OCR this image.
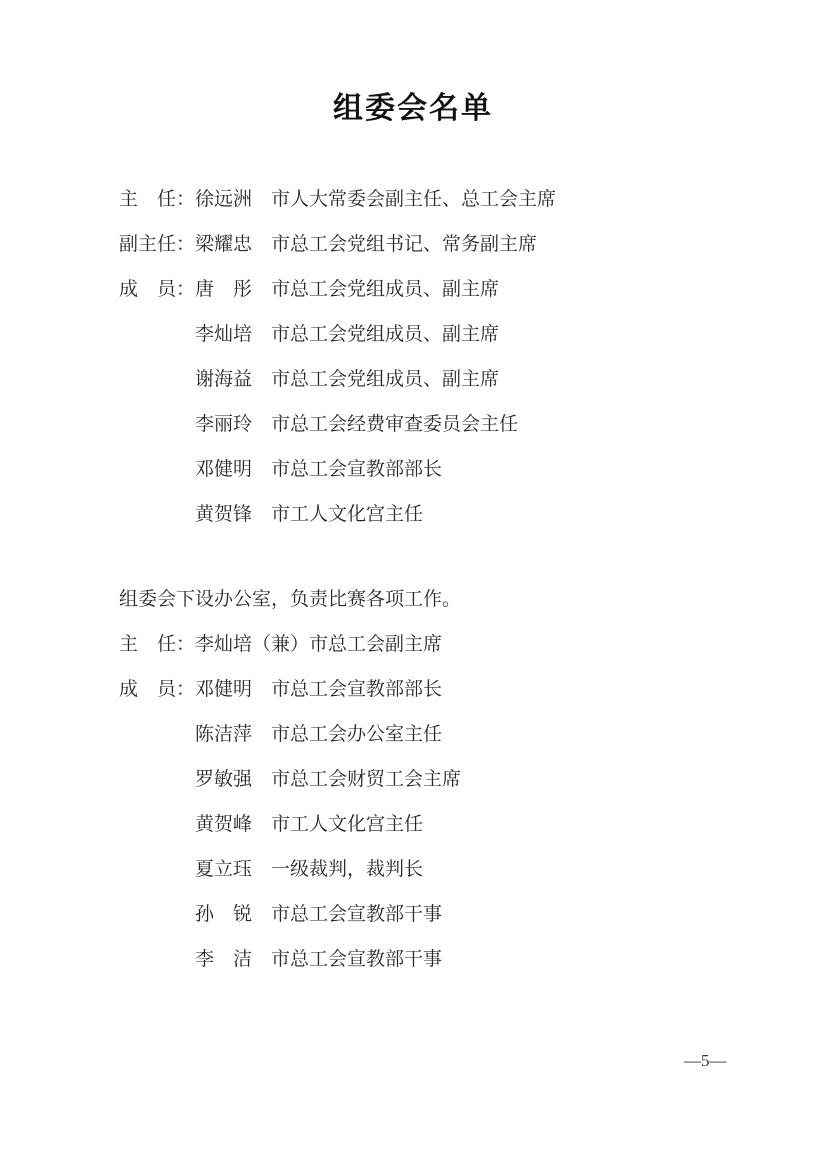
组委会名单
主　任： 徐远洲 市人大常委会副主任、总工会主席
副主任： 梁耀忠 市总工会党组书记、常务副主席
成　员： 唐　彤 市总工会党组成员、副主席
李灿培 市总工会党组成员、副主席
谢海益 市总工会党组成员、副主席
李丽玲 市总工会经费审查委员会主任
邓健明 市总工会宣教部部长
黄贺锋 市工人文化宫主任
组委会下设办公室，负责比赛各项工作。
主　任： 李灿培（兼）市总工会副主席
成　员： 邓健明 市总工会宣教部部长
陈洁萍 市总工会办公室主任
罗敏强 市总工会财贸工会主席
黄贺峰 市工人文化宫主任
夏立珏 一级裁判，裁判长
孙　锐 市总工会宣教部干事
李　洁 市总工会宣教部干事
—5—
